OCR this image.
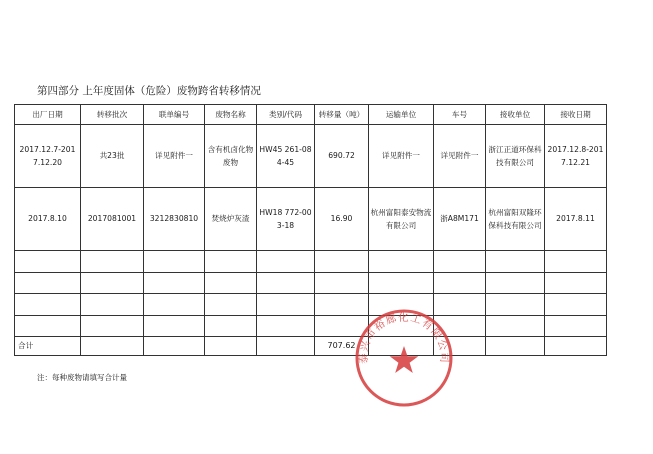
第四部分 上年度固体（危险）废物跨省转移情况
出厂日期	转移批次	联单编号	废物名称	类别/代码	转移量（吨）	运输单位	车号	接收单位	接收日期
2017.12.7-2017.12.20	共23批	详见附件一	含有机卤化物废物	HW45 261-084-45	690.72	详见附件一	详见附件一	浙江正道环保科技有限公司	2017.12.8-2017.12.21
2017.8.10	2017081001	3212830810	焚烧炉灰渣	HW18 772-003-18	16.90	杭州富阳泰安物流有限公司	浙A8M171	杭州富阳双隆环保科技有限公司	2017.8.11

合计					707.62				
注：每种废物请填写合计量
泰兴市裕廊化工有限公司
